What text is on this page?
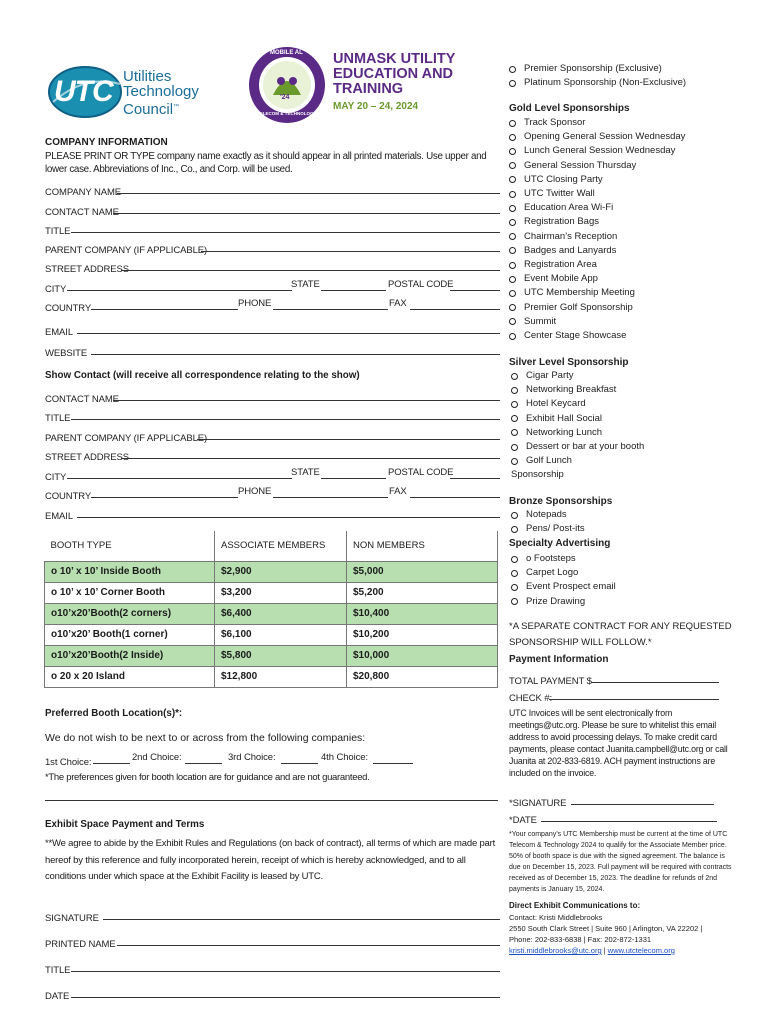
UTC Utilities
Technology
Council™
MOBILE AL
TELECOM & TECHNOLOGY
'24
UNMASK UTILITY
EDUCATION AND
TRAINING
MAY 20 – 24, 2024
COMPANY INFORMATION
PLEASE PRINT OR TYPE company name exactly as it should appear in all printed materials. Use upper and lower case. Abbreviations of Inc., Co., and Corp. will be used.
COMPANY NAME
CONTACT NAME
TITLE
PARENT COMPANY (IF APPLICABLE)
STREET ADDRESS
CITY	STATE	POSTAL CODE
COUNTRY	PHONE	FAX
EMAIL
WEBSITE
Show Contact (will receive all correspondence relating to the show)
CONTACT NAME
TITLE
PARENT COMPANY (IF APPLICABLE)
STREET ADDRESS
CITY	STATE	POSTAL CODE
COUNTRY	PHONE	FAX
EMAIL
BOOTH TYPE	ASSOCIATE MEMBERS	NON MEMBERS
o 10’ x 10’ Inside Booth	$2,900	$5,000
o 10’ x 10’ Corner Booth	$3,200	$5,200
o10’x20’Booth(2 corners)	$6,400	$10,400
o10’x20’ Booth(1 corner)	$6,100	$10,200
o10’x20’Booth(2 Inside)	$5,800	$10,000
o 20 x 20 Island	$12,800	$20,800
Preferred Booth Location(s)*:
We do not wish to be next to or across from the following companies:
1st Choice:	2nd Choice:	3rd Choice:	4th Choice:
*The preferences given for booth location are for guidance and are not guaranteed.
Exhibit Space Payment and Terms
**We agree to abide by the Exhibit Rules and Regulations (on back of contract), all terms of which are made part hereof by this reference and fully incorporated herein, receipt of which is hereby acknowledged, and to all conditions under which space at the Exhibit Facility is leased by UTC.
SIGNATURE
PRINTED NAME
TITLE
DATE
Premier Sponsorship (Exclusive)
Platinum Sponsorship (Non-Exclusive)
Gold Level Sponsorships
Track Sponsor
Opening General Session Wednesday
Lunch General Session Wednesday
General Session Thursday
UTC Closing Party
UTC Twitter Wall
Education Area Wi-Fi
Registration Bags
Chairman’s Reception
Badges and Lanyards
Registration Area
Event Mobile App
UTC Membership Meeting
Premier Golf Sponsorship
Summit
Center Stage Showcase
Silver Level Sponsorship
Cigar Party
Networking Breakfast
Hotel Keycard
Exhibit Hall Social
Networking Lunch
Dessert or bar at your booth
Golf Lunch
Sponsorship
Bronze Sponsorships
Notepads
Pens/ Post-its
Specialty Advertising
o Footsteps
Carpet Logo
Event Prospect email
Prize Drawing
*A SEPARATE CONTRACT FOR ANY REQUESTED
SPONSORSHIP WILL FOLLOW.*
Payment Information
TOTAL PAYMENT $
CHECK #:
UTC Invoices will be sent electronically from meetings@utc.org. Please be sure to whitelist this email address to avoid processing delays. To make credit card payments, please contact Juanita.campbell@utc.org or call Juanita at 202-833-6819. ACH payment instructions are included on the invoice.
*SIGNATURE
*DATE
*Your company’s UTC Membership must be current at the time of UTC Telecom & Technology 2024 to qualify for the Associate Member price. 50% of booth space is due with the signed agreement. The balance is due on December 15, 2023. Full payment will be required with contracts received as of December 15, 2023. The deadline for refunds of 2nd payments is January 15, 2024.
Direct Exhibit Communications to:
Contact: Kristi Middlebrooks
2550 South Clark Street | Suite 960 | Arlington, VA 22202 |
Phone: 202-833-6838 | Fax: 202-872-1331
kristi.middlebrooks@utc.org | www.utctelecom.org
